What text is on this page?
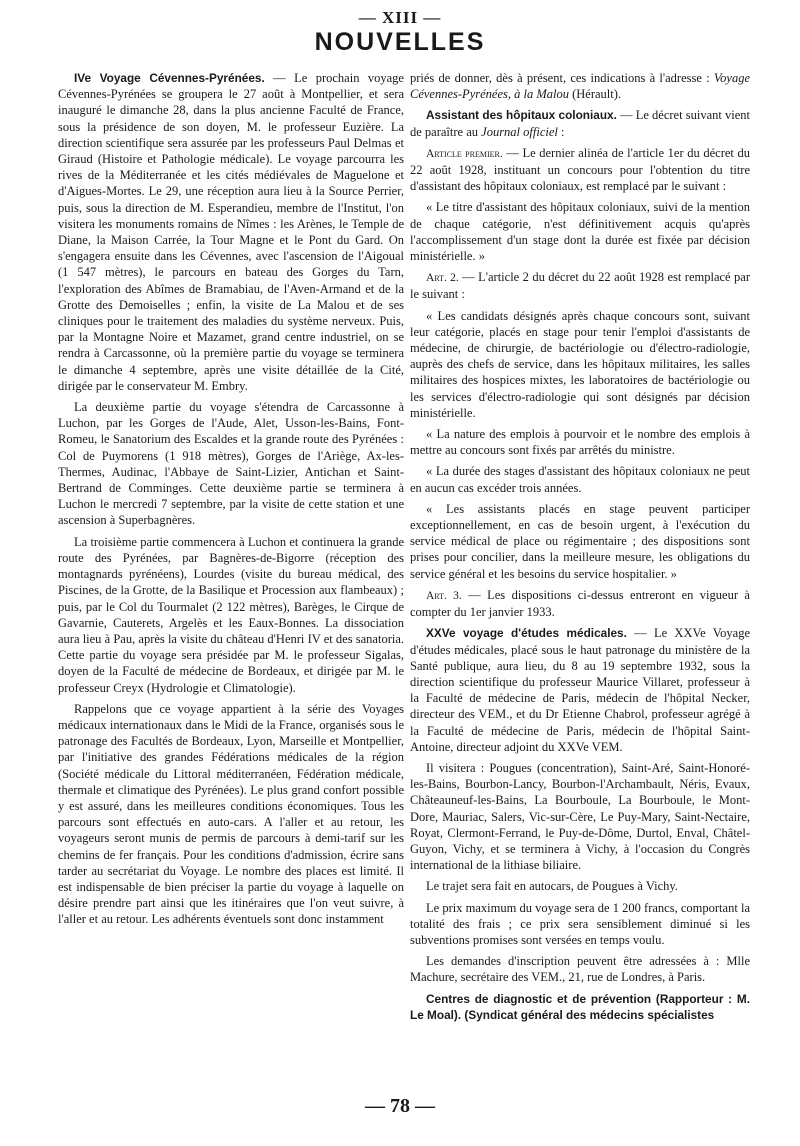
— XIII —
NOUVELLES

IVe Voyage Cévennes-Pyrénées. — Le prochain voyage Cévennes-Pyrénées se groupera le 27 août à Montpellier, et sera inauguré le dimanche 28, dans la plus ancienne Faculté de France, sous la présidence de son doyen, M. le professeur Euzière. La direction scientifique sera assurée par les professeurs Paul Delmas et Giraud (Histoire et Pathologie médicale). Le voyage parcourra les rives de la Méditerranée et les cités médiévales de Maguelone et d'Aigues-Mortes. Le 29, une réception aura lieu à la Source Perrier, puis, sous la direction de M. Esperandieu, membre de l'Institut, l'on visitera les monuments romains de Nîmes : les Arènes, le Temple de Diane, la Maison Carrée, la Tour Magne et le Pont du Gard. On s'engagera ensuite dans les Cévennes, avec l'ascension de l'Aigoual (1 547 mètres), le parcours en bateau des Gorges du Tarn, l'exploration des Abîmes de Bramabiau, de l'Aven-Armand et de la Grotte des Demoiselles ; enfin, la visite de La Malou et de ses cliniques pour le traitement des maladies du système nerveux. Puis, par la Montagne Noire et Mazamet, grand centre industriel, on se rendra à Carcassonne, où la première partie du voyage se terminera le dimanche 4 septembre, après une visite détaillée de la Cité, dirigée par le conservateur M. Embry.

La deuxième partie du voyage s'étendra de Carcassonne à Luchon, par les Gorges de l'Aude, Alet, Usson-les-Bains, Font-Romeu, le Sanatorium des Escaldes et la grande route des Pyrénées : Col de Puymorens (1 918 mètres), Gorges de l'Ariège, Ax-les-Thermes, Audinac, l'Abbaye de Saint-Lizier, Antichan et Saint-Bertrand de Comminges. Cette deuxième partie se terminera à Luchon le mercredi 7 septembre, par la visite de cette station et une ascension à Superbagnères.

La troisième partie commencera à Luchon et continuera la grande route des Pyrénées, par Bagnères-de-Bigorre (réception des montagnards pyrénéens), Lourdes (visite du bureau médical, des Piscines, de la Grotte, de la Basilique et Procession aux flambeaux) ; puis, par le Col du Tourmalet (2 122 mètres), Barèges, le Cirque de Gavarnie, Cauterets, Argelès et les Eaux-Bonnes. La dissociation aura lieu à Pau, après la visite du château d'Henri IV et des sanatoria. Cette partie du voyage sera présidée par M. le professeur Sigalas, doyen de la Faculté de médecine de Bordeaux, et dirigée par M. le professeur Creyx (Hydrologie et Climatologie).

Rappelons que ce voyage appartient à la série des Voyages médicaux internationaux dans le Midi de la France, organisés sous le patronage des Facultés de Bordeaux, Lyon, Marseille et Montpellier, par l'initiative des grandes Fédérations médicales de la région (Société médicale du Littoral méditerranéen, Fédération médicale, thermale et climatique des Pyrénées). Le plus grand confort possible y est assuré, dans les meilleures conditions économiques. Tous les parcours sont effectués en auto-cars. A l'aller et au retour, les voyageurs seront munis de permis de parcours à demi-tarif sur les chemins de fer français. Pour les conditions d'admission, écrire sans tarder au secrétariat du Voyage. Le nombre des places est limité. Il est indispensable de bien préciser la partie du voyage à laquelle on désire prendre part ainsi que les itinéraires que l'on veut suivre, à l'aller et au retour. Les adhérents éventuels sont donc instamment

priés de donner, dès à présent, ces indications à l'adresse : Voyage Cévennes-Pyrénées, à la Malou (Hérault).

Assistant des hôpitaux coloniaux. — Le décret suivant vient de paraître au Journal officiel :

Article premier. — Le dernier alinéa de l'article 1er du décret du 22 août 1928, instituant un concours pour l'obtention du titre d'assistant des hôpitaux coloniaux, est remplacé par le suivant :

« Le titre d'assistant des hôpitaux coloniaux, suivi de la mention de chaque catégorie, n'est définitivement acquis qu'après l'accomplissement d'un stage dont la durée est fixée par décision ministérielle. »

Art. 2. — L'article 2 du décret du 22 août 1928 est remplacé par le suivant :

« Les candidats désignés après chaque concours sont, suivant leur catégorie, placés en stage pour tenir l'emploi d'assistants de médecine, de chirurgie, de bactériologie ou d'électro-radiologie, auprès des chefs de service, dans les hôpitaux militaires, les salles militaires des hospices mixtes, les laboratoires de bactériologie ou les services d'électro-radiologie qui sont désignés par décision ministérielle.

« La nature des emplois à pourvoir et le nombre des emplois à mettre au concours sont fixés par arrêtés du ministre.

« La durée des stages d'assistant des hôpitaux coloniaux ne peut en aucun cas excéder trois années.

« Les assistants placés en stage peuvent participer exceptionnellement, en cas de besoin urgent, à l'exécution du service médical de place ou régimentaire ; des dispositions sont prises pour concilier, dans la meilleure mesure, les obligations du service général et les besoins du service hospitalier. »

Art. 3. — Les dispositions ci-dessus entreront en vigueur à compter du 1er janvier 1933.

XXVe voyage d'études médicales. — Le XXVe Voyage d'études médicales, placé sous le haut patronage du ministère de la Santé publique, aura lieu, du 8 au 19 septembre 1932, sous la direction scientifique du professeur Maurice Villaret, professeur à la Faculté de médecine de Paris, médecin de l'hôpital Necker, directeur des VEM., et du Dr Etienne Chabrol, professeur agrégé à la Faculté de médecine de Paris, médecin de l'hôpital Saint-Antoine, directeur adjoint du XXVe VEM.

Il visitera : Pougues (concentration), Saint-Aré, Saint-Honoré-les-Bains, Bourbon-Lancy, Bourbon-l'Archambault, Néris, Evaux, Châteauneuf-les-Bains, La Bourboule, La Bourboule, le Mont-Dore, Mauriac, Salers, Vic-sur-Cère, Le Puy-Mary, Saint-Nectaire, Royat, Clermont-Ferrand, le Puy-de-Dôme, Durtol, Enval, Châtel-Guyon, Vichy, et se terminera à Vichy, à l'occasion du Congrès international de la lithiase biliaire.

Le trajet sera fait en autocars, de Pougues à Vichy.

Le prix maximum du voyage sera de 1 200 francs, comportant la totalité des frais ; ce prix sera sensiblement diminué si les subventions promises sont versées en temps voulu.

Les demandes d'inscription peuvent être adressées à : Mlle Machure, secrétaire des VEM., 21, rue de Londres, à Paris.

Centres de diagnostic et de prévention (Rapporteur : M. Le Moal). (Syndicat général des médecins spécialistes

— 78 —
